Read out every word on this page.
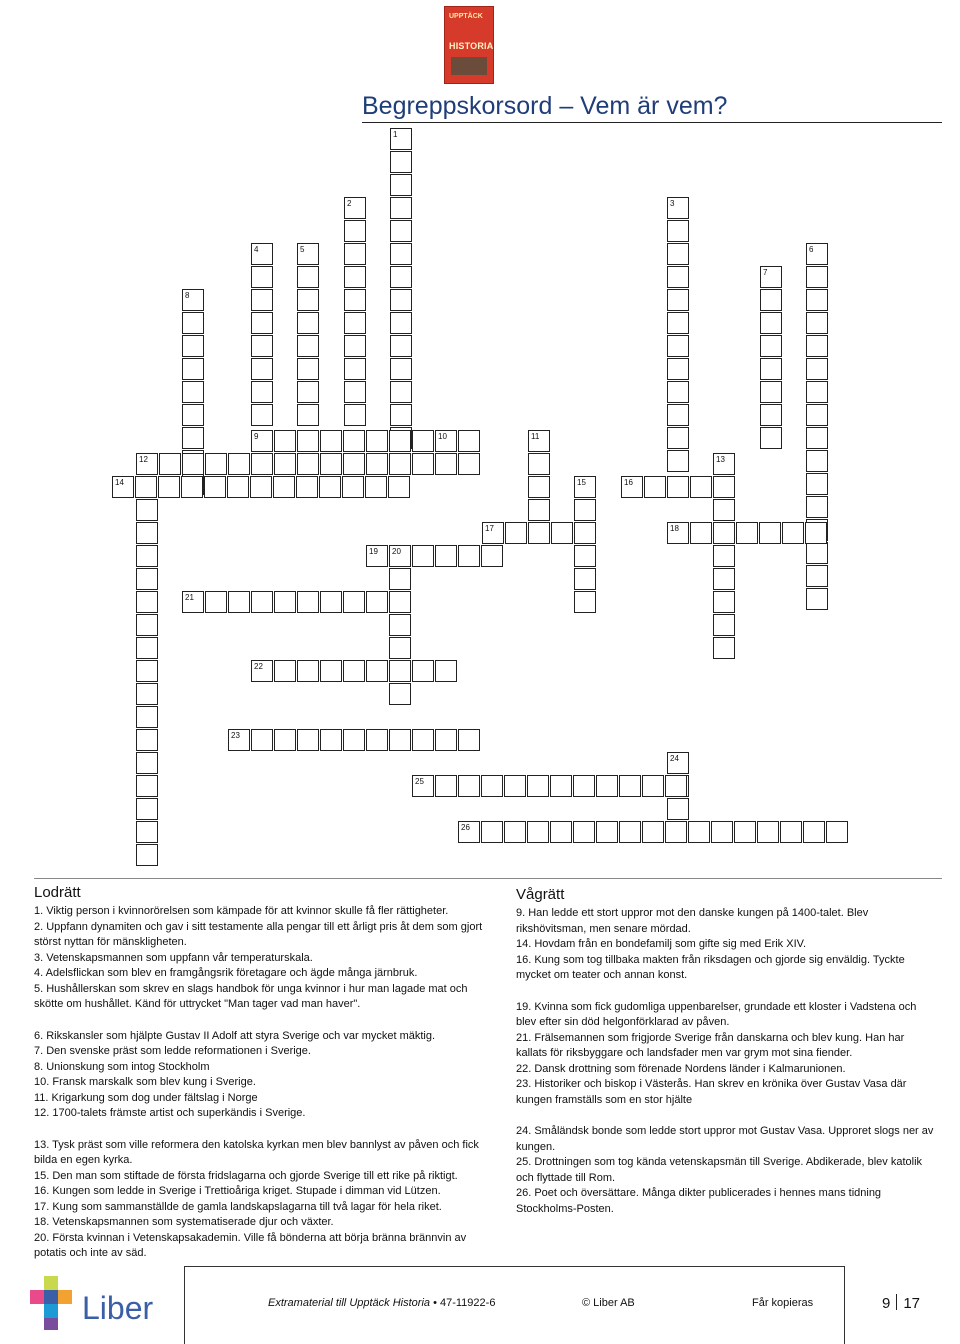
UPPTÄCK
HISTORIA
Begreppskorsord – Vem är vem?
1
2	3
4	5	6
7
8
9	10	11
12	13
14	15	16
17	18
19 20
21
22
23
24
25
26
Lodrätt
1. Viktig person i kvinnorörelsen som kämpade för att kvinnor skulle få fler rättigheter.
2. Uppfann dynamiten och gav i sitt testamente alla pengar till ett årligt pris åt dem som gjort störst nyttan för mänskligheten.
3. Vetenskapsmannen som uppfann vår temperaturskala.
4. Adelsflickan som blev en framgångsrik företagare och ägde många järnbruk.
5. Hushållerskan som skrev en slags handbok för unga kvinnor i hur man lagade mat och skötte om hushållet. Känd för uttrycket "Man tager vad man haver".
6. Rikskansler som hjälpte Gustav II Adolf att styra Sverige och var mycket mäktig.
7. Den svenske präst som ledde reformationen i Sverige.
8. Unionskung som intog Stockholm
10. Fransk marskalk som blev kung i Sverige.
11. Krigarkung som dog under fältslag i Norge
12. 1700-talets främste artist och superkändis i Sverige.
13. Tysk präst som ville reformera den katolska kyrkan men blev bannlyst av påven och fick bilda en egen kyrka.
15. Den man som stiftade de första fridslagarna och gjorde Sverige till ett rike på riktigt.
16. Kungen som ledde in Sverige i Trettioåriga kriget. Stupade i dimman vid Lützen.
17. Kung som sammanställde de gamla landskapslagarna till två lagar för hela riket.
18. Vetenskapsmannen som systematiserade djur och växter.
20. Första kvinnan i Vetenskapsakademin. Ville få bönderna att börja bränna brännvin av potatis och inte av säd.
Vågrätt
9. Han ledde ett stort uppror mot den danske kungen på 1400-talet. Blev rikshövitsman, men senare mördad.
14. Hovdam från en bondefamilj som gifte sig med Erik XIV.
16. Kung som tog tillbaka makten från riksdagen och gjorde sig enväldig. Tyckte mycket om teater och annan konst.
19. Kvinna som fick gudomliga uppenbarelser, grundade ett kloster i Vadstena och blev efter sin död helgonförklarad av påven.
21. Frälsemannen som frigjorde Sverige från danskarna och blev kung. Han har kallats för riksbyggare och landsfader men var grym mot sina fiender.
22. Dansk drottning som förenade Nordens länder i Kalmarunionen.
23. Historiker och biskop i Västerås. Han skrev en krönika över Gustav Vasa där kungen framställs som en stor hjälte
24. Småländsk bonde som ledde stort uppror mot Gustav Vasa. Upproret slogs ner av kungen.
25. Drottningen som tog kända vetenskapsmän till Sverige. Abdikerade, blev katolik och flyttade till Rom.
26. Poet och översättare. Många dikter publicerades i hennes mans tidning Stockholms-Posten.
Liber	Extramaterial till Upptäck Historia • 47-11922-6	© Liber AB	Får kopieras	9 17
